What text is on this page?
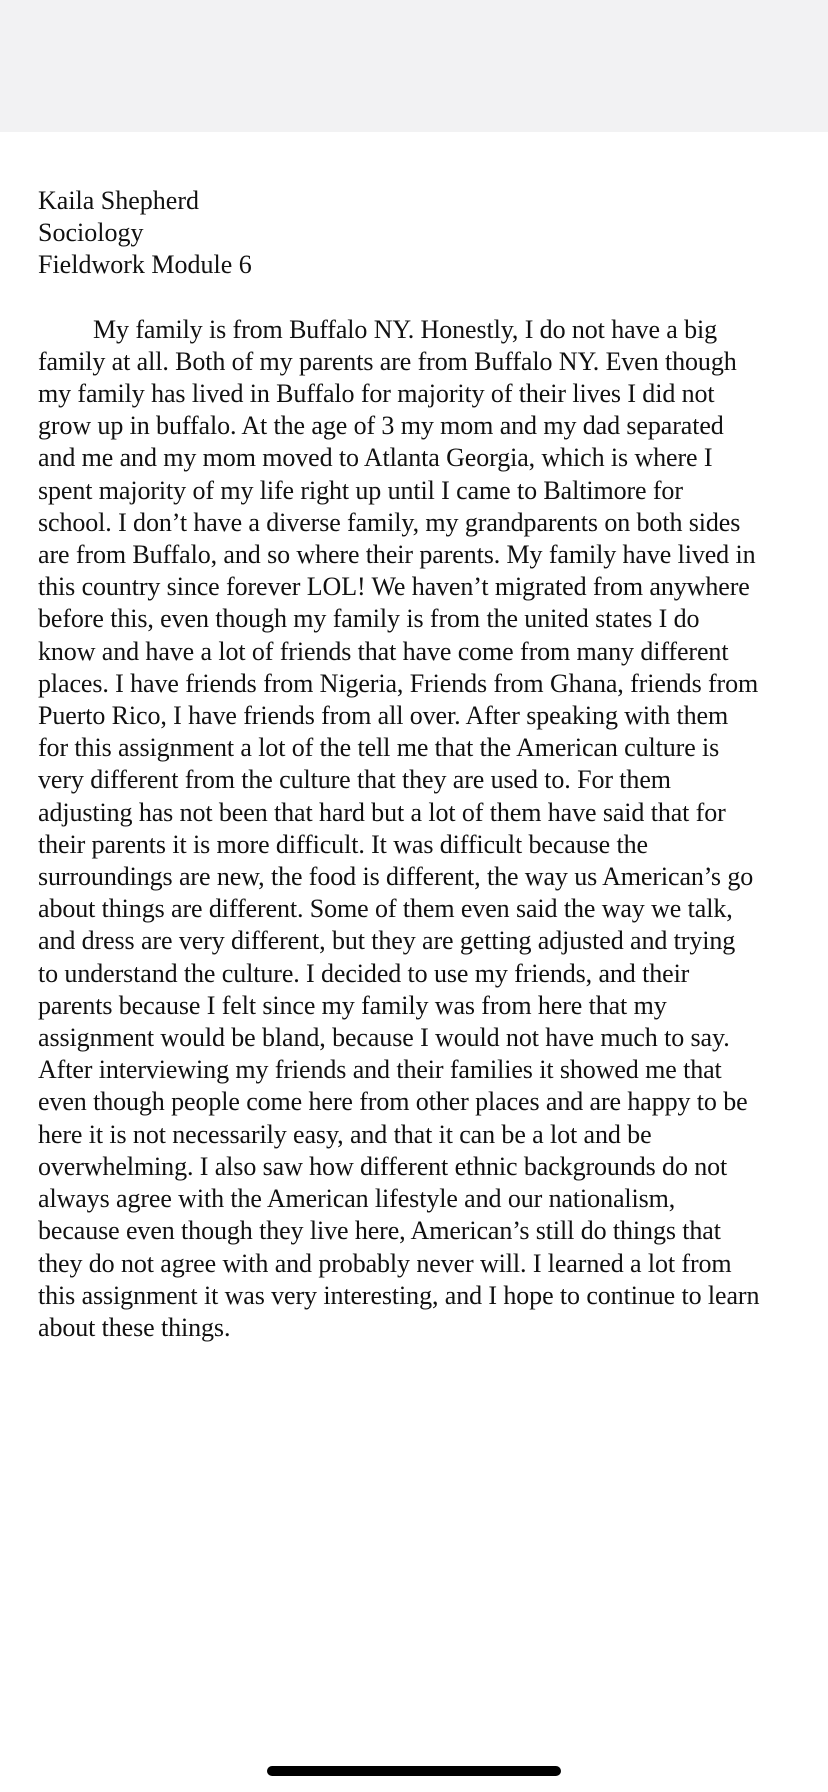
Kaila Shepherd
Sociology
Fieldwork Module 6

My family is from Buffalo NY. Honestly, I do not have a big family at all. Both of my parents are from Buffalo NY. Even though my family has lived in Buffalo for majority of their lives I did not grow up in buffalo. At the age of 3 my mom and my dad separated and me and my mom moved to Atlanta Georgia, which is where I spent majority of my life right up until I came to Baltimore for school. I don’t have a diverse family, my grandparents on both sides are from Buffalo, and so where their parents. My family have lived in this country since forever LOL! We haven’t migrated from anywhere before this, even though my family is from the united states I do know and have a lot of friends that have come from many different places. I have friends from Nigeria, Friends from Ghana, friends from Puerto Rico, I have friends from all over. After speaking with them for this assignment a lot of the tell me that the American culture is very different from the culture that they are used to. For them adjusting has not been that hard but a lot of them have said that for their parents it is more difficult. It was difficult because the surroundings are new, the food is different, the way us American’s go about things are different. Some of them even said the way we talk, and dress are very different, but they are getting adjusted and trying to understand the culture. I decided to use my friends, and their parents because I felt since my family was from here that my assignment would be bland, because I would not have much to say. After interviewing my friends and their families it showed me that even though people come here from other places and are happy to be here it is not necessarily easy, and that it can be a lot and be overwhelming. I also saw how different ethnic backgrounds do not always agree with the American lifestyle and our nationalism, because even though they live here, American’s still do things that they do not agree with and probably never will. I learned a lot from this assignment it was very interesting, and I hope to continue to learn about these things.
